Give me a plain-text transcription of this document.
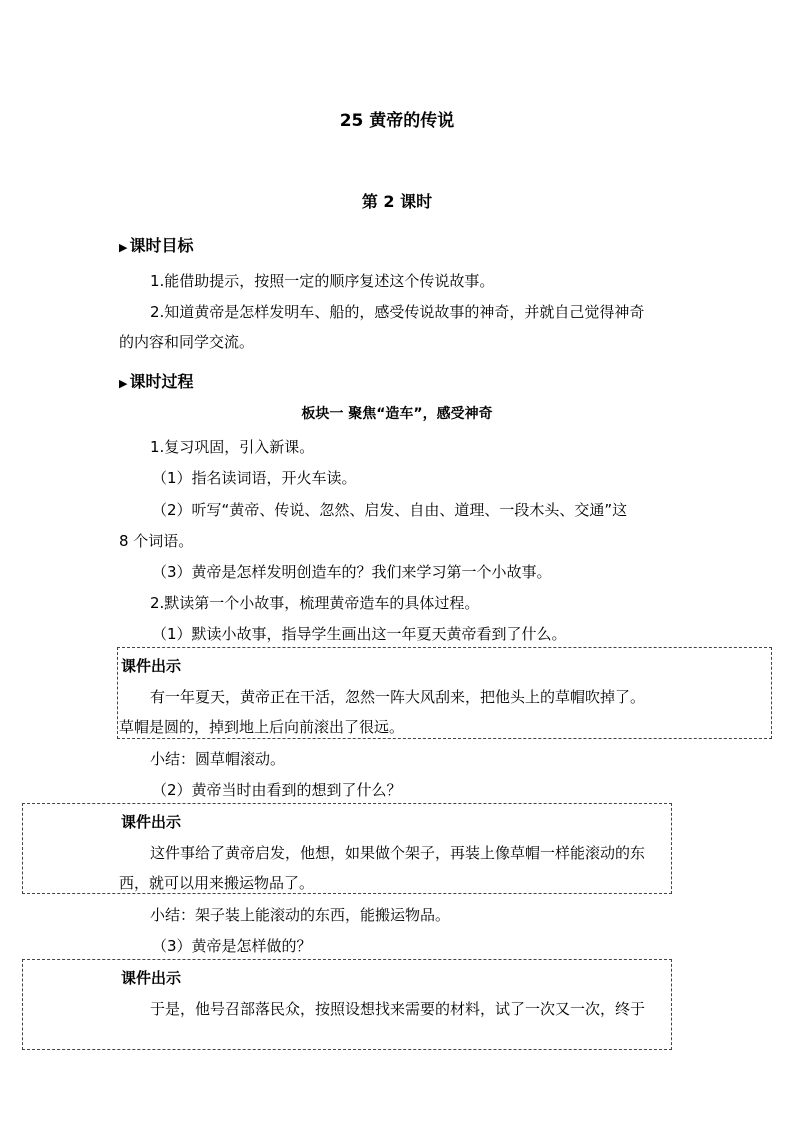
25 黄帝的传说
第 2 课时
▶ 课时目标
1.能借助提示，按照一定的顺序复述这个传说故事。
2.知道黄帝是怎样发明车、船的，感受传说故事的神奇，并就自己觉得神奇
的内容和同学交流。
▶ 课时过程
板块一 聚焦“造车”，感受神奇
1.复习巩固，引入新课。
（1）指名读词语，开火车读。
（2）听写“黄帝、传说、忽然、启发、自由、道理、一段木头、交通”这
8 个词语。
（3）黄帝是怎样发明创造车的？我们来学习第一个小故事。
2.默读第一个小故事，梳理黄帝造车的具体过程。
（1）默读小故事，指导学生画出这一年夏天黄帝看到了什么。
课件出示
有一年夏天，黄帝正在干活，忽然一阵大风刮来，把他头上的草帽吹掉了。
草帽是圆的，掉到地上后向前滚出了很远。
小结：圆草帽滚动。
（2）黄帝当时由看到的想到了什么？
课件出示
这件事给了黄帝启发，他想，如果做个架子，再装上像草帽一样能滚动的东
西，就可以用来搬运物品了。
小结：架子装上能滚动的东西，能搬运物品。
（3）黄帝是怎样做的？
课件出示
于是，他号召部落民众，按照设想找来需要的材料，试了一次又一次，终于
